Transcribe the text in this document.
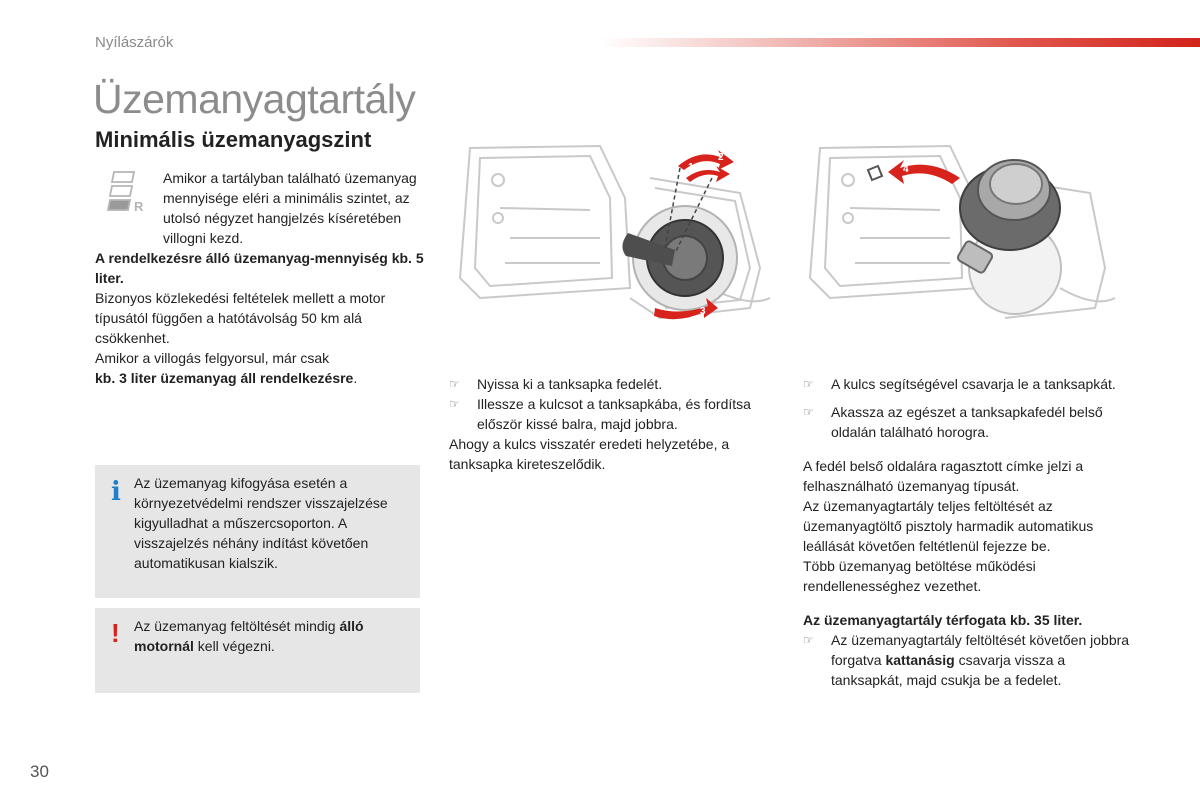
Nyílászárók
Üzemanyagtartály
Minimális üzemanyagszint
R
Amikor a tartályban található üzemanyag mennyisége eléri a minimális szintet, az utolsó négyzet hangjelzés kíséretében villogni kezd.
A rendelkezésre álló üzemanyag-mennyiség kb. 5 liter.
Bizonyos közlekedési feltételek mellett a motor típusától függően a hatótávolság 50 km alá csökkenhet.
Amikor a villogás felgyorsul, már csak
kb. 3 liter üzemanyag áll rendelkezésre.
i Az üzemanyag kifogyása esetén a környezetvédelmi rendszer visszajelzése kigyulladhat a műszercsoporton. A visszajelzés néhány indítást követően automatikusan kialszik.
! Az üzemanyag feltöltését mindig álló motornál kell végezni.
1
2
3
4
☞ Nyissa ki a tanksapka fedelét.
☞ Illessze a kulcsot a tanksapkába, és fordítsa először kissé balra, majd jobbra.
Ahogy a kulcs visszatér eredeti helyzetébe, a tanksapka kireteszelődik.
☞ A kulcs segítségével csavarja le a tanksapkát.
☞ Akassza az egészet a tanksapkafedél belső oldalán található horogra.
A fedél belső oldalára ragasztott címke jelzi a felhasználható üzemanyag típusát.
Az üzemanyagtartály teljes feltöltését az üzemanyagtöltő pisztoly harmadik automatikus leállását követően feltétlenül fejezze be.
Több üzemanyag betöltése működési rendellenességhez vezethet.
Az üzemanyagtartály térfogata kb. 35 liter.
☞ Az üzemanyagtartály feltöltését követően jobbra forgatva kattanásig csavarja vissza a tanksapkát, majd csukja be a fedelet.
30
